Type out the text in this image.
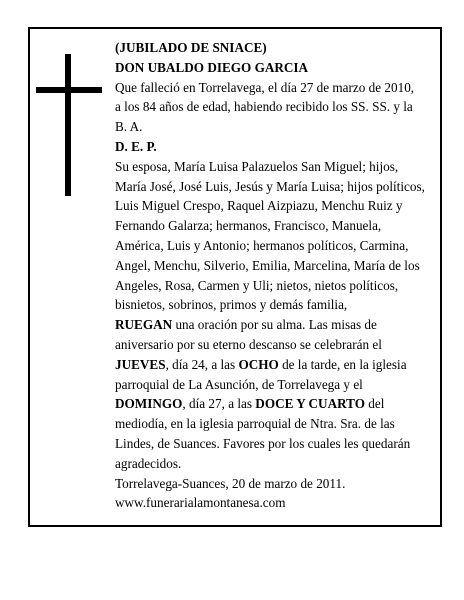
(JUBILADO DE SNIACE)

DON UBALDO DIEGO GARCIA

Que falleció en Torrelavega, el día 27 de marzo de 2010,

a los 84 años de edad, habiendo recibido los SS. SS. y la B. A.

D. E. P.

Su esposa, María Luisa Palazuelos San Miguel; hijos, María José, José Luis, Jesús y María Luisa; hijos políticos, Luis Miguel Crespo, Raquel Aizpiazu, Menchu Ruiz y Fernando Galarza; hermanos, Francisco, Manuela, América, Luis y Antonio; hermanos políticos, Carmina, Angel, Menchu, Silverio, Emilia, Marcelina, María de los Angeles, Rosa, Carmen y Uli; nietos, nietos políticos, bisnietos, sobrinos, primos y demás familia,

RUEGAN una oración por su alma. Las misas de aniversario por su eterno descanso se celebrarán el JUEVES, día 24, a las OCHO de la tarde, en la iglesia parroquial de La Asunción, de Torrelavega y el DOMINGO, día 27, a las DOCE Y CUARTO del mediodía, en la iglesia parroquial de Ntra. Sra. de las Lindes, de Suances. Favores por los cuales les quedarán agradecidos.

Torrelavega-Suances, 20 de marzo de 2011.

www.funerarialamontanesa.com
